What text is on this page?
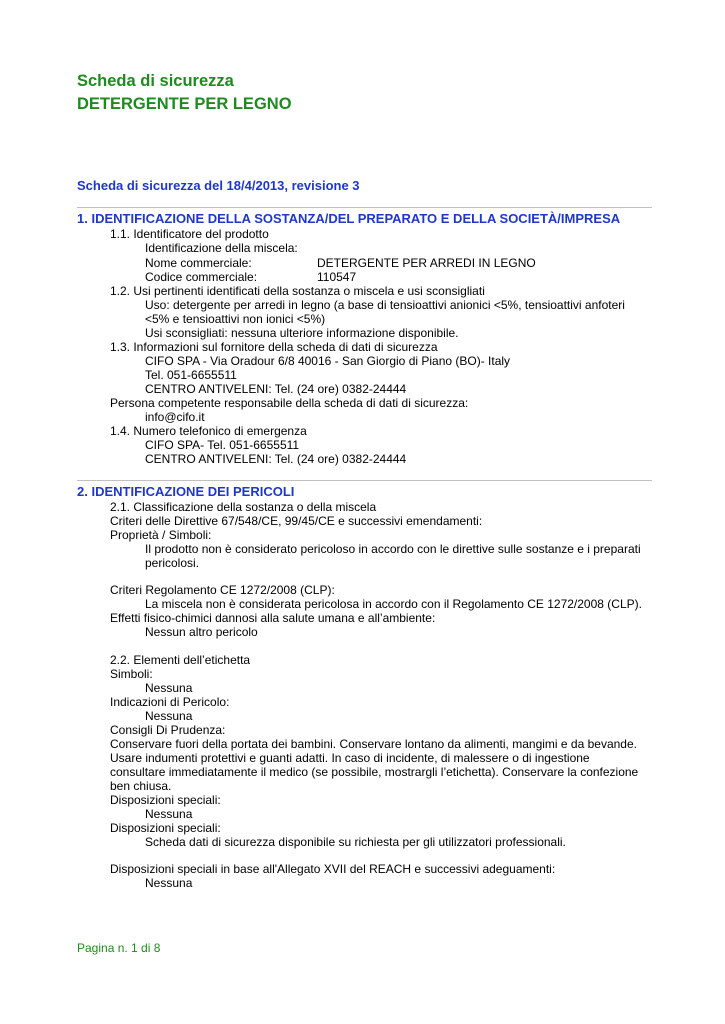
Scheda di sicurezza
DETERGENTE PER LEGNO
Scheda di sicurezza del 18/4/2013, revisione 3
1. IDENTIFICAZIONE DELLA SOSTANZA/DEL PREPARATO E DELLA SOCIETÀ/IMPRESA
1.1. Identificatore del prodotto
Identificazione della miscela:
Nome commerciale:	DETERGENTE PER ARREDI IN LEGNO
Codice commerciale:	110547
1.2. Usi pertinenti identificati della sostanza o miscela e usi sconsigliati
Uso: detergente per arredi in legno (a base di tensioattivi anionici <5%, tensioattivi anfoteri
<5% e tensioattivi non ionici <5%)
Usi sconsigliati: nessuna ulteriore informazione disponibile.
1.3. Informazioni sul fornitore della scheda di dati di sicurezza
CIFO SPA - Via Oradour 6/8 40016 - San Giorgio di Piano (BO)- Italy
Tel. 051-6655511
CENTRO ANTIVELENI: Tel. (24 ore) 0382-24444
Persona competente responsabile della scheda di dati di sicurezza:
info@cifo.it
1.4. Numero telefonico di emergenza
CIFO SPA- Tel. 051-6655511
CENTRO ANTIVELENI: Tel. (24 ore) 0382-24444
2. IDENTIFICAZIONE DEI PERICOLI
2.1. Classificazione della sostanza o della miscela
Criteri delle Direttive 67/548/CE, 99/45/CE e successivi emendamenti:
Proprietà / Simboli:
Il prodotto non è considerato pericoloso in accordo con le direttive sulle sostanze e i preparati
pericolosi.
Criteri Regolamento CE 1272/2008 (CLP):
La miscela non è considerata pericolosa in accordo con il Regolamento CE 1272/2008 (CLP).
Effetti fisico-chimici dannosi alla salute umana e all’ambiente:
Nessun altro pericolo
2.2. Elementi dell’etichetta
Simboli:
Nessuna
Indicazioni di Pericolo:
Nessuna
Consigli Di Prudenza:
Conservare fuori della portata dei bambini. Conservare lontano da alimenti, mangimi e da bevande.
Usare indumenti protettivi e guanti adatti. In caso di incidente, di malessere o di ingestione
consultare immediatamente il medico (se possibile, mostrargli l’etichetta). Conservare la confezione
ben chiusa.
Disposizioni speciali:
Nessuna
Disposizioni speciali:
Scheda dati di sicurezza disponibile su richiesta per gli utilizzatori professionali.
Disposizioni speciali in base all'Allegato XVII del REACH e successivi adeguamenti:
Nessuna
Pagina n. 1 di 8
